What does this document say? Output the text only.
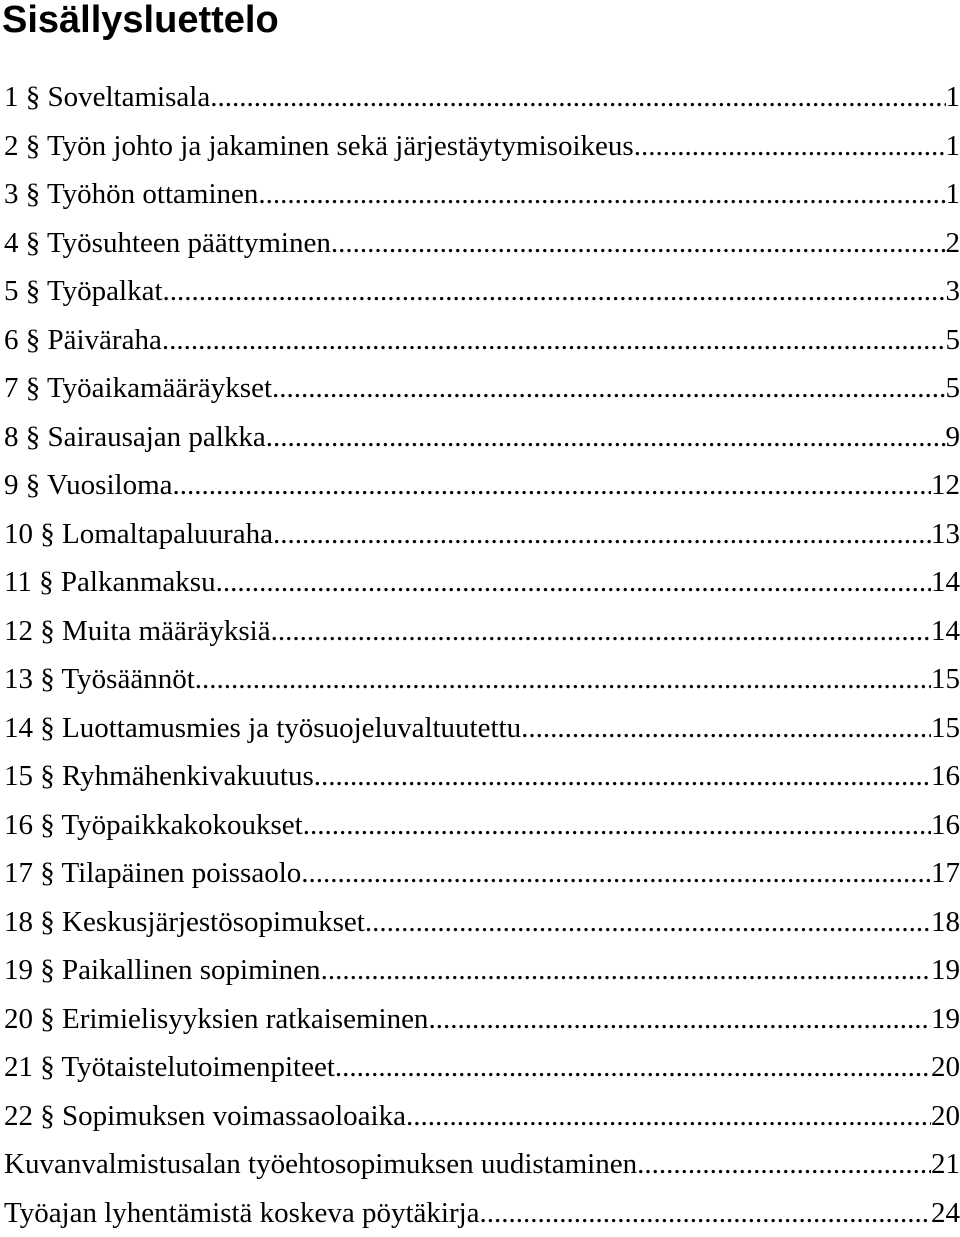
Sisällysluettelo
1 § Soveltamisala .....	1
2 § Työn johto ja jakaminen sekä järjestäytymisoikeus .....	1
3 § Työhön ottaminen .....	1
4 § Työsuhteen päättyminen .....	2
5 § Työpalkat .....	3
6 § Päiväraha .....	5
7 § Työaikamääräykset .....	5
8 § Sairausajan palkka .....	9
9 § Vuosiloma .....	12
10 § Lomaltapaluuraha .....	13
11 § Palkanmaksu .....	14
12 § Muita määräyksiä .....	14
13 § Työsäännöt .....	15
14 § Luottamusmies ja työsuojeluvaltuutettu .....	15
15 § Ryhmähenkivakuutus .....	16
16 § Työpaikkakokoukset .....	16
17 § Tilapäinen poissaolo .....	17
18 § Keskusjärjestösopimukset .....	18
19 § Paikallinen sopiminen .....	19
20 § Erimielisyyksien ratkaiseminen .....	19
21 § Työtaistelutoimenpiteet .....	20
22 § Sopimuksen voimassaoloaika .....	20
Kuvanvalmistusalan työehtosopimuksen uudistaminen .....	21
Työajan lyhentämistä koskeva pöytäkirja .....	24
